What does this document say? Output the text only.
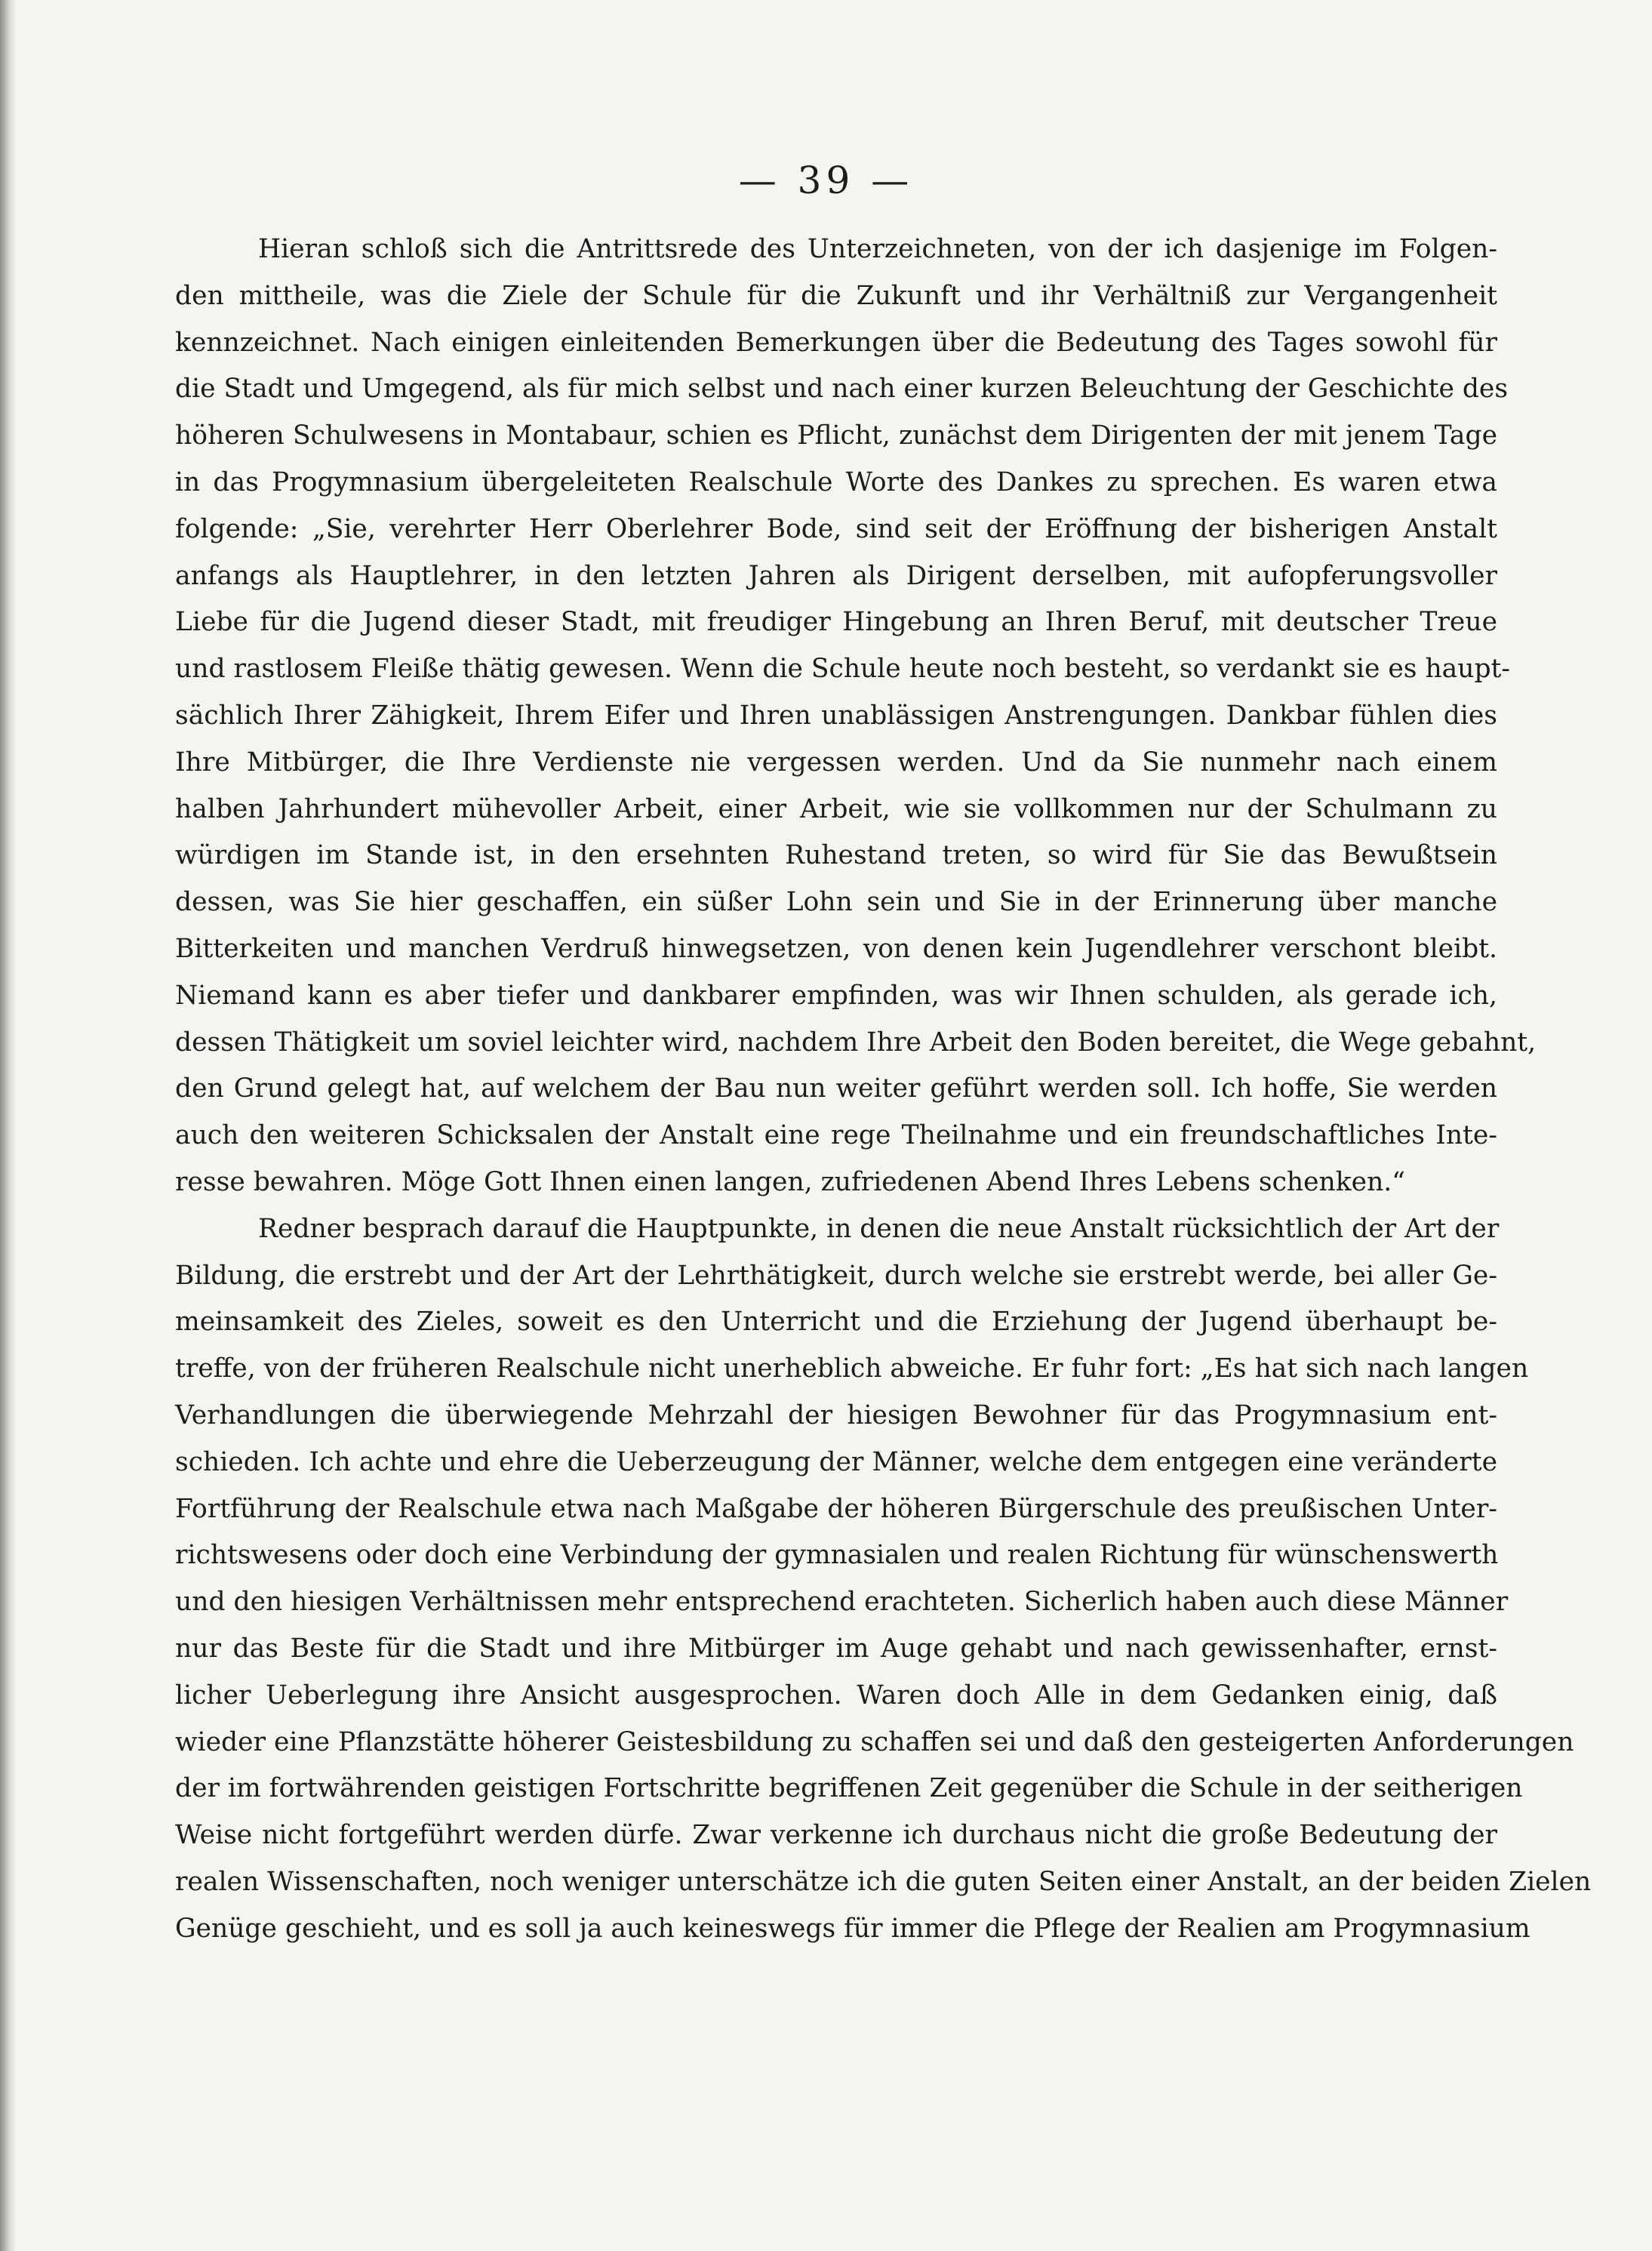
— 39 —
Hieran schloß sich die Antrittsrede des Unterzeichneten, von der ich dasjenige im Folgen-
den mittheile, was die Ziele der Schule für die Zukunft und ihr Verhältniß zur Vergangenheit
kennzeichnet. Nach einigen einleitenden Bemerkungen über die Bedeutung des Tages sowohl für
die Stadt und Umgegend, als für mich selbst und nach einer kurzen Beleuchtung der Geschichte des
höheren Schulwesens in Montabaur, schien es Pflicht, zunächst dem Dirigenten der mit jenem Tage
in das Progymnasium übergeleiteten Realschule Worte des Dankes zu sprechen. Es waren etwa
folgende: „Sie, verehrter Herr Oberlehrer Bode, sind seit der Eröffnung der bisherigen Anstalt
anfangs als Hauptlehrer, in den letzten Jahren als Dirigent derselben, mit aufopferungsvoller
Liebe für die Jugend dieser Stadt, mit freudiger Hingebung an Ihren Beruf, mit deutscher Treue
und rastlosem Fleiße thätig gewesen. Wenn die Schule heute noch besteht, so verdankt sie es haupt-
sächlich Ihrer Zähigkeit, Ihrem Eifer und Ihren unablässigen Anstrengungen. Dankbar fühlen dies
Ihre Mitbürger, die Ihre Verdienste nie vergessen werden. Und da Sie nunmehr nach einem
halben Jahrhundert mühevoller Arbeit, einer Arbeit, wie sie vollkommen nur der Schulmann zu
würdigen im Stande ist, in den ersehnten Ruhestand treten, so wird für Sie das Bewußtsein
dessen, was Sie hier geschaffen, ein süßer Lohn sein und Sie in der Erinnerung über manche
Bitterkeiten und manchen Verdruß hinwegsetzen, von denen kein Jugendlehrer verschont bleibt.
Niemand kann es aber tiefer und dankbarer empfinden, was wir Ihnen schulden, als gerade ich,
dessen Thätigkeit um soviel leichter wird, nachdem Ihre Arbeit den Boden bereitet, die Wege gebahnt,
den Grund gelegt hat, auf welchem der Bau nun weiter geführt werden soll. Ich hoffe, Sie werden
auch den weiteren Schicksalen der Anstalt eine rege Theilnahme und ein freundschaftliches Inte-
resse bewahren. Möge Gott Ihnen einen langen, zufriedenen Abend Ihres Lebens schenken.“
Redner besprach darauf die Hauptpunkte, in denen die neue Anstalt rücksichtlich der Art der
Bildung, die erstrebt und der Art der Lehrthätigkeit, durch welche sie erstrebt werde, bei aller Ge-
meinsamkeit des Zieles, soweit es den Unterricht und die Erziehung der Jugend überhaupt be-
treffe, von der früheren Realschule nicht unerheblich abweiche. Er fuhr fort: „Es hat sich nach langen
Verhandlungen die überwiegende Mehrzahl der hiesigen Bewohner für das Progymnasium ent-
schieden. Ich achte und ehre die Ueberzeugung der Männer, welche dem entgegen eine veränderte
Fortführung der Realschule etwa nach Maßgabe der höheren Bürgerschule des preußischen Unter-
richtswesens oder doch eine Verbindung der gymnasialen und realen Richtung für wünschenswerth
und den hiesigen Verhältnissen mehr entsprechend erachteten. Sicherlich haben auch diese Männer
nur das Beste für die Stadt und ihre Mitbürger im Auge gehabt und nach gewissenhafter, ernst-
licher Ueberlegung ihre Ansicht ausgesprochen. Waren doch Alle in dem Gedanken einig, daß
wieder eine Pflanzstätte höherer Geistesbildung zu schaffen sei und daß den gesteigerten Anforderungen
der im fortwährenden geistigen Fortschritte begriffenen Zeit gegenüber die Schule in der seitherigen
Weise nicht fortgeführt werden dürfe. Zwar verkenne ich durchaus nicht die große Bedeutung der
realen Wissenschaften, noch weniger unterschätze ich die guten Seiten einer Anstalt, an der beiden Zielen
Genüge geschieht, und es soll ja auch keineswegs für immer die Pflege der Realien am Progymnasium
